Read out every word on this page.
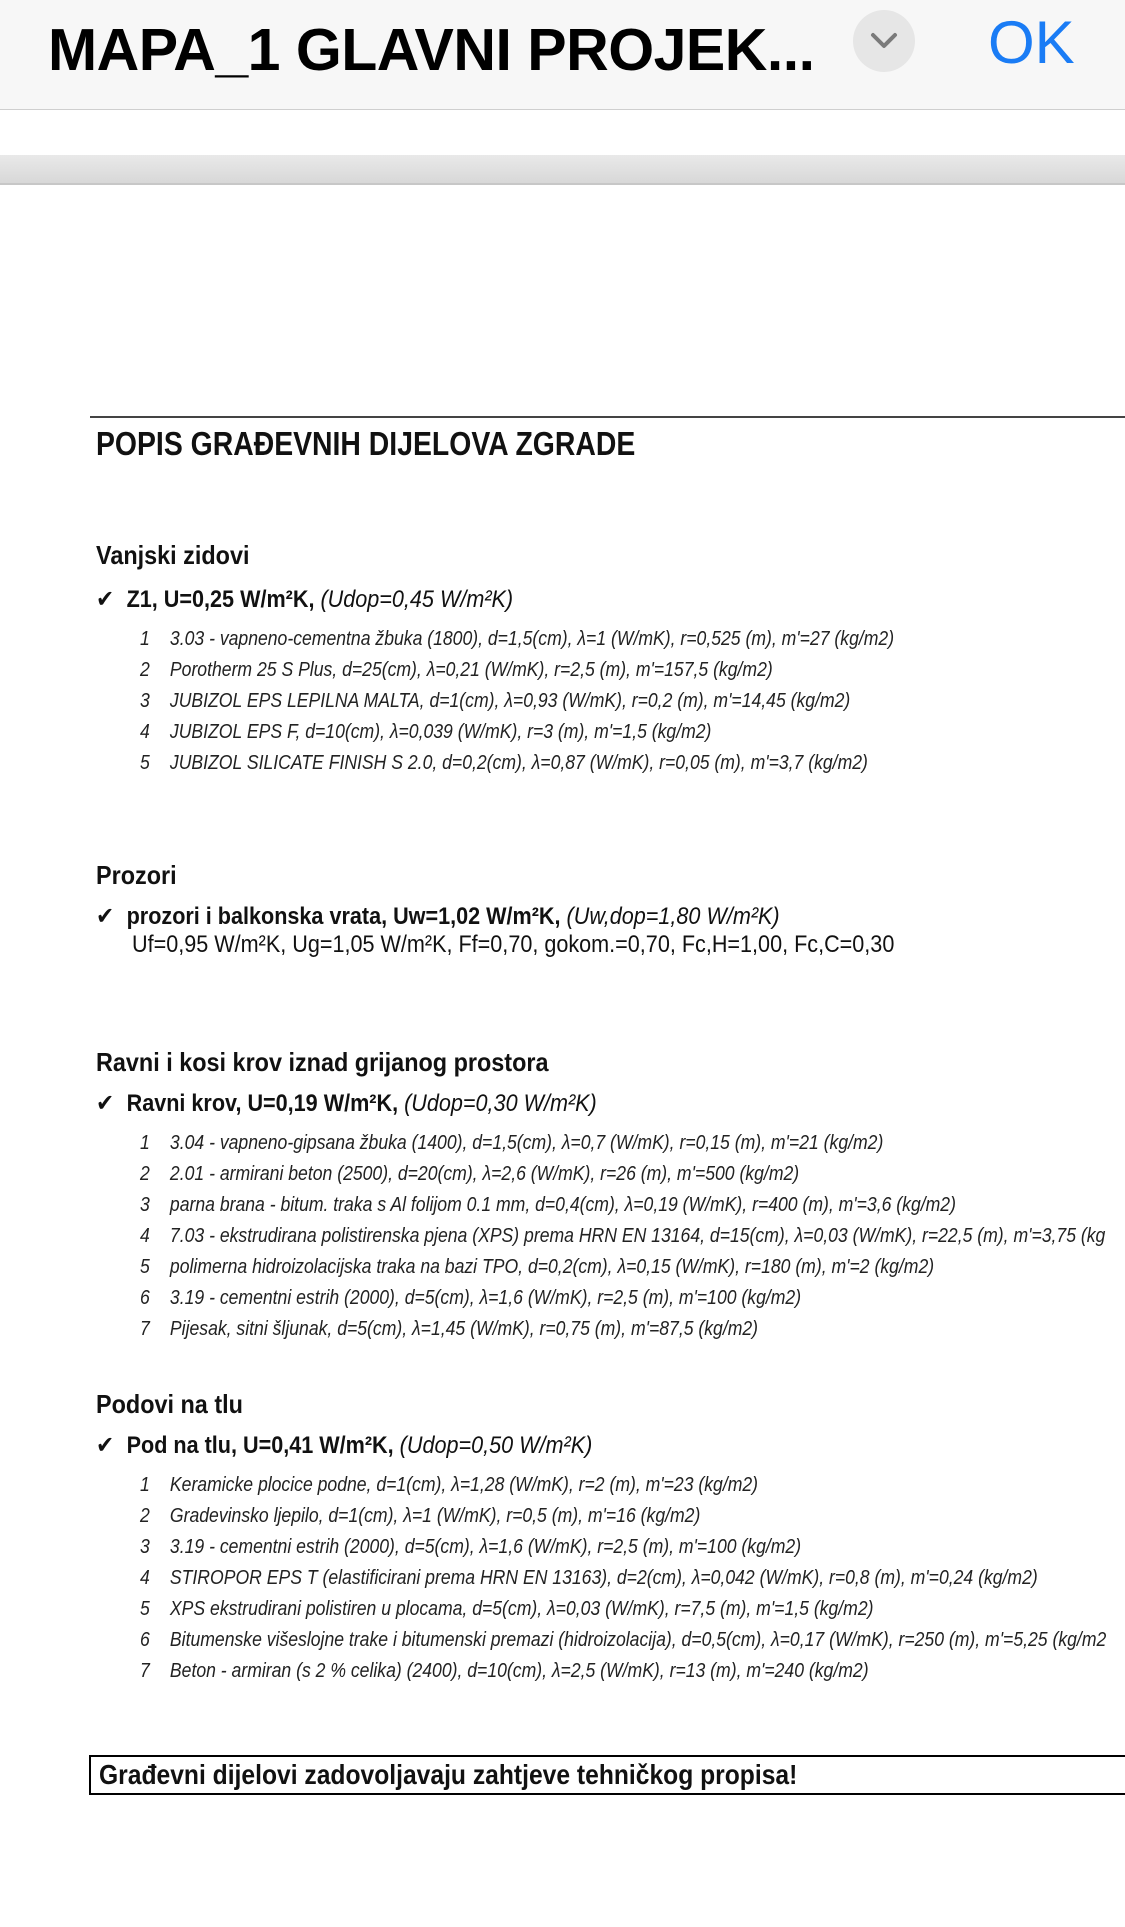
MAPA_1 GLAVNI PROJEK...	OK
POPIS GRAĐEVNIH DIJELOVA ZGRADE
Vanjski zidovi
✔ Z1, U=0,25 W/m²K, (Udop=0,45 W/m²K)
1 3.03 - vapneno-cementna žbuka (1800), d=1,5(cm), λ=1 (W/mK), r=0,525 (m), m'=27 (kg/m2)
2 Porotherm 25 S Plus, d=25(cm), λ=0,21 (W/mK), r=2,5 (m), m'=157,5 (kg/m2)
3 JUBIZOL EPS LEPILNA MALTA, d=1(cm), λ=0,93 (W/mK), r=0,2 (m), m'=14,45 (kg/m2)
4 JUBIZOL EPS F, d=10(cm), λ=0,039 (W/mK), r=3 (m), m'=1,5 (kg/m2)
5 JUBIZOL SILICATE FINISH S 2.0, d=0,2(cm), λ=0,87 (W/mK), r=0,05 (m), m'=3,7 (kg/m2)
Prozori
✔ prozori i balkonska vrata, Uw=1,02 W/m²K, (Uw,dop=1,80 W/m²K)
Uf=0,95 W/m²K, Ug=1,05 W/m²K, Ff=0,70, gokom.=0,70, Fc,H=1,00, Fc,C=0,30
Ravni i kosi krov iznad grijanog prostora
✔ Ravni krov, U=0,19 W/m²K, (Udop=0,30 W/m²K)
1 3.04 - vapneno-gipsana žbuka (1400), d=1,5(cm), λ=0,7 (W/mK), r=0,15 (m), m'=21 (kg/m2)
2 2.01 - armirani beton (2500), d=20(cm), λ=2,6 (W/mK), r=26 (m), m'=500 (kg/m2)
3 parna brana - bitum. traka s Al folijom 0.1 mm, d=0,4(cm), λ=0,19 (W/mK), r=400 (m), m'=3,6 (kg/m2)
4 7.03 - ekstrudirana polistirenska pjena (XPS) prema HRN EN 13164, d=15(cm), λ=0,03 (W/mK), r=22,5 (m), m'=3,75 (kg
5 polimerna hidroizolacijska traka na bazi TPO, d=0,2(cm), λ=0,15 (W/mK), r=180 (m), m'=2 (kg/m2)
6 3.19 - cementni estrih (2000), d=5(cm), λ=1,6 (W/mK), r=2,5 (m), m'=100 (kg/m2)
7 Pijesak, sitni šljunak, d=5(cm), λ=1,45 (W/mK), r=0,75 (m), m'=87,5 (kg/m2)
Podovi na tlu
✔ Pod na tlu, U=0,41 W/m²K, (Udop=0,50 W/m²K)
1 Keramicke plocice podne, d=1(cm), λ=1,28 (W/mK), r=2 (m), m'=23 (kg/m2)
2 Gradevinsko ljepilo, d=1(cm), λ=1 (W/mK), r=0,5 (m), m'=16 (kg/m2)
3 3.19 - cementni estrih (2000), d=5(cm), λ=1,6 (W/mK), r=2,5 (m), m'=100 (kg/m2)
4 STIROPOR EPS T (elastificirani prema HRN EN 13163), d=2(cm), λ=0,042 (W/mK), r=0,8 (m), m'=0,24 (kg/m2)
5 XPS ekstrudirani polistiren u plocama, d=5(cm), λ=0,03 (W/mK), r=7,5 (m), m'=1,5 (kg/m2)
6 Bitumenske višeslojne trake i bitumenski premazi (hidroizolacija), d=0,5(cm), λ=0,17 (W/mK), r=250 (m), m'=5,25 (kg/m2
7 Beton - armiran (s 2 % celika) (2400), d=10(cm), λ=2,5 (W/mK), r=13 (m), m'=240 (kg/m2)
Građevni dijelovi zadovoljavaju zahtjeve tehničkog propisa!
